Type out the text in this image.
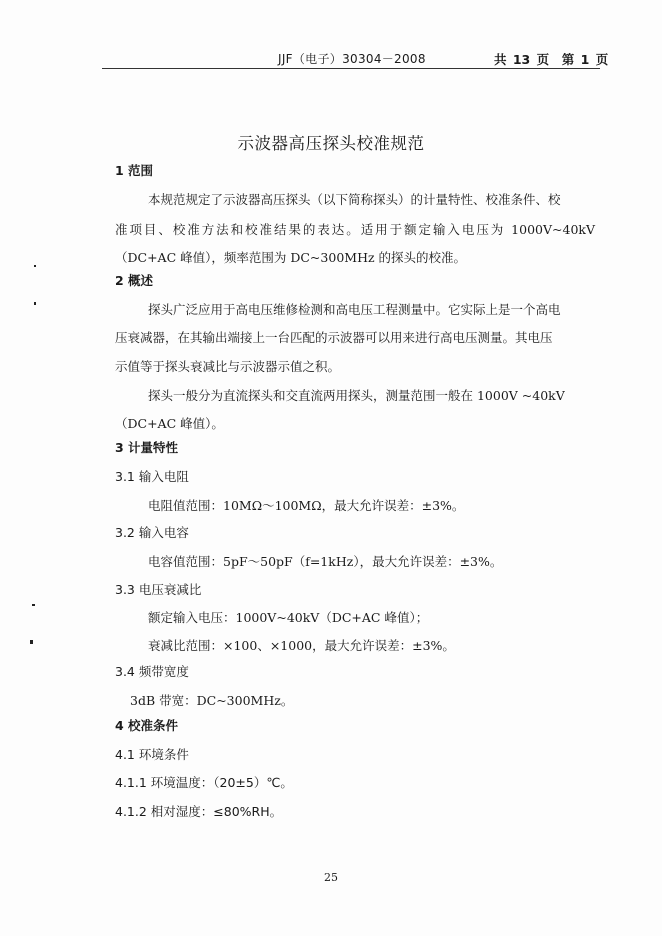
JJF（电子）30304－2008	共 13 页  第 1 页
示波器高压探头校准规范
1 范围
本规范规定了示波器高压探头（以下简称探头）的计量特性、校准条件、校
准项目、校准方法和校准结果的表达。适用于额定输入电压为 1000V~40kV
（DC+AC 峰值），频率范围为 DC~300MHz 的探头的校准。
2 概述
探头广泛应用于高电压维修检测和高电压工程测量中。它实际上是一个高电
压衰减器，在其输出端接上一台匹配的示波器可以用来进行高电压测量。其电压
示值等于探头衰减比与示波器示值之积。
探头一般分为直流探头和交直流两用探头，测量范围一般在 1000V ~40kV
（DC+AC 峰值）。
3 计量特性
3.1 输入电阻
电阻值范围：10MΩ～100MΩ，最大允许误差：±3%。
3.2 输入电容
电容值范围：5pF～50pF（f=1kHz），最大允许误差：±3%。
3.3 电压衰减比
额定输入电压：1000V~40kV（DC+AC 峰值）；
衰减比范围：×100、×1000，最大允许误差：±3%。
3.4 频带宽度
3dB 带宽：DC~300MHz。
4 校准条件
4.1 环境条件
4.1.1 环境温度：（20±5）℃。
4.1.2 相对湿度：≤80%RH。
25
